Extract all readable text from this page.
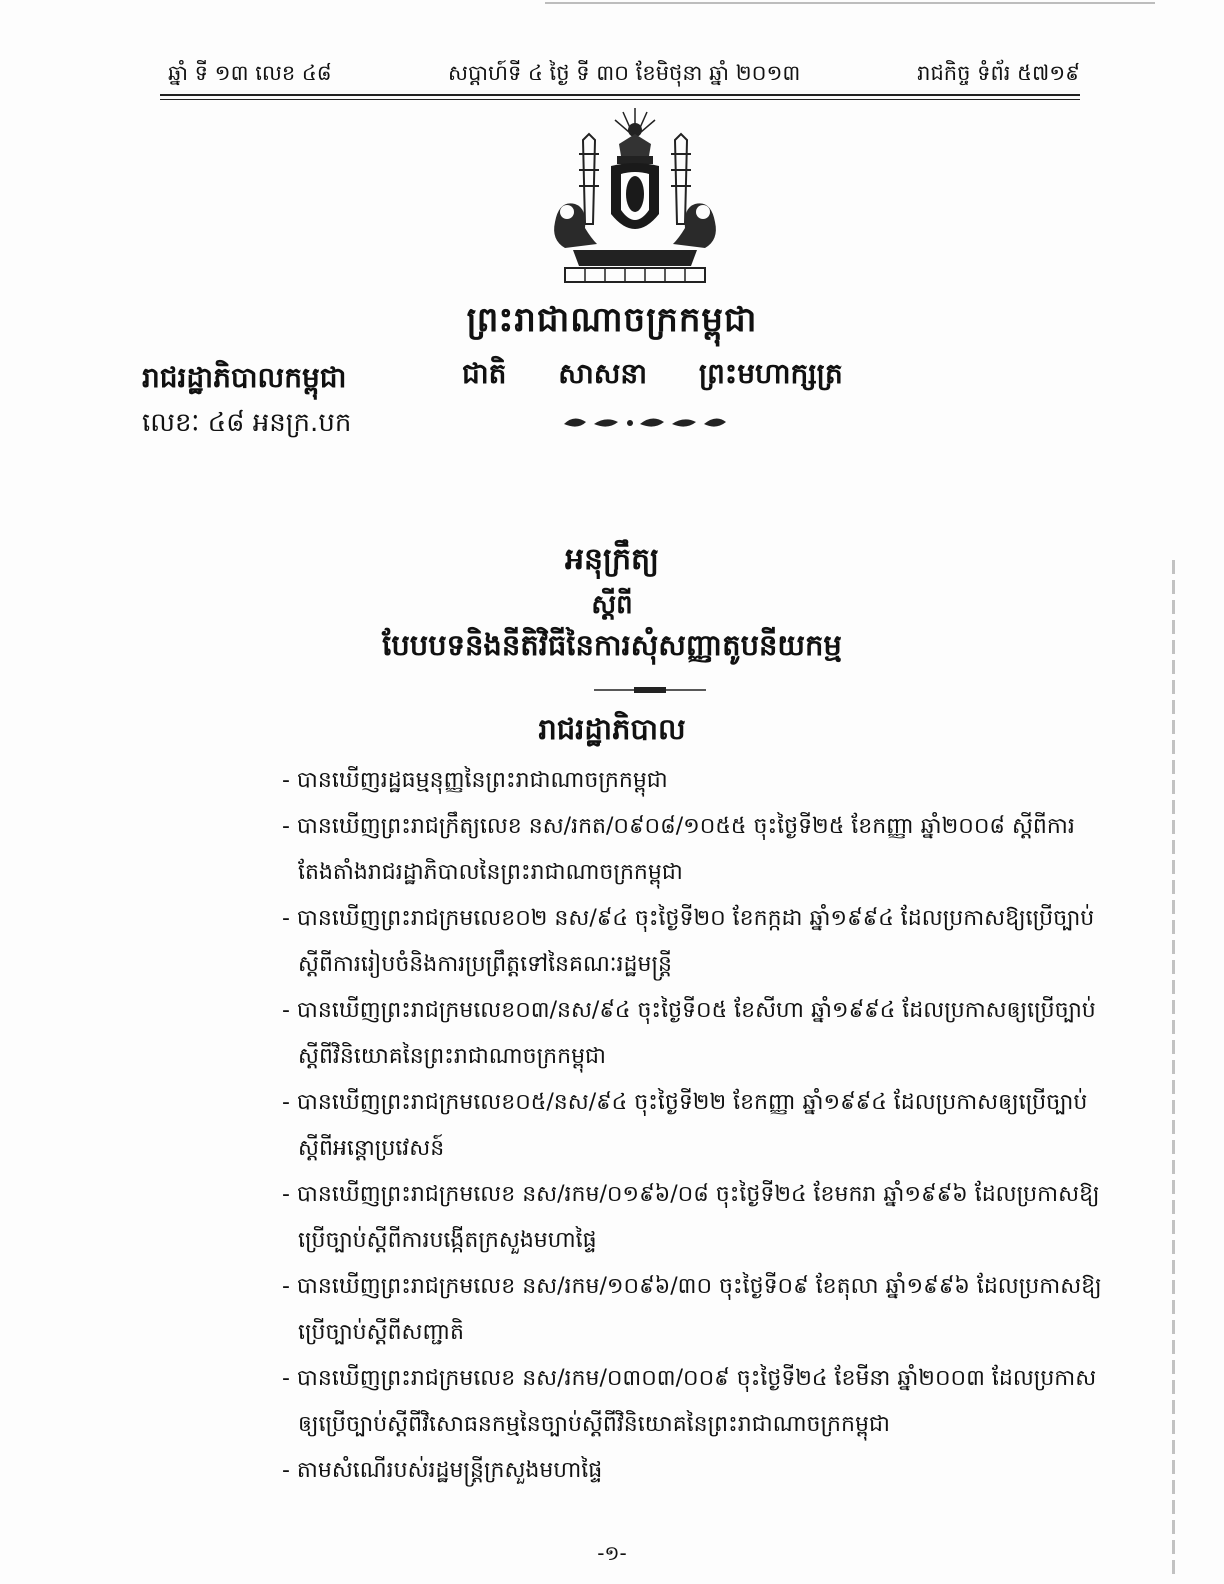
ឆ្នាំ ទី ១៣ លេខ ៤៨	សប្តាហ៍ទី ៤ ថ្ងៃ ទី ៣០ ខែមិថុនា ឆ្នាំ ២០១៣	រាជកិច្ច ទំព័រ ៥៧១៩
ព្រះរាជាណាចក្រកម្ពុជា
រាជរដ្ឋាភិបាលកម្ពុជា	ជាតិ សាសនា ព្រះមហាក្សត្រ
លេខៈ ៤៨ អនក្រ.បក
អនុក្រឹត្យ
ស្តីពី
បែបបទនិងនីតិវិធីនៃការសុំសញ្ញាតូបនីយកម្ម
រាជរដ្ឋាភិបាល

- បានឃើញរដ្ឋធម្មនុញ្ញនៃព្រះរាជាណាចក្រកម្ពុជា

- បានឃើញព្រះរាជក្រឹត្យលេខ នស/រកត/០៩០៨/១០៥៥ ចុះថ្ងៃទី២៥ ខែកញ្ញា ឆ្នាំ២០០៨ ស្តីពីការតែងតាំងរាជរដ្ឋាភិបាលនៃព្រះរាជាណាចក្រកម្ពុជា

- បានឃើញព្រះរាជក្រមលេខ០២ នស/៩៤ ចុះថ្ងៃទី២០ ខែកក្កដា ឆ្នាំ១៩៩៤ ដែលប្រកាសឱ្យប្រើច្បាប់ស្តីពីការរៀបចំនិងការប្រព្រឹត្តទៅនៃគណៈរដ្ឋមន្ត្រី

- បានឃើញព្រះរាជក្រមលេខ០៣/នស/៩៤ ចុះថ្ងៃទី០៥ ខែសីហា ឆ្នាំ១៩៩៤ ដែលប្រកាសឲ្យប្រើច្បាប់ស្តីពីវិនិយោគនៃព្រះរាជាណាចក្រកម្ពុជា

- បានឃើញព្រះរាជក្រមលេខ០៥/នស/៩៤ ចុះថ្ងៃទី២២ ខែកញ្ញា ឆ្នាំ១៩៩៤ ដែលប្រកាសឲ្យប្រើច្បាប់ស្តីពីអន្តោប្រវេសន៍

- បានឃើញព្រះរាជក្រមលេខ នស/រកម/០១៩៦/០៨ ចុះថ្ងៃទី២៤ ខែមករា ឆ្នាំ១៩៩៦ ដែលប្រកាសឱ្យប្រើច្បាប់ស្តីពីការបង្កើតក្រសួងមហាផ្ទៃ

- បានឃើញព្រះរាជក្រមលេខ នស/រកម/១០៩៦/៣០ ចុះថ្ងៃទី០៩ ខែតុលា ឆ្នាំ១៩៩៦ ដែលប្រកាសឱ្យប្រើច្បាប់ស្តីពីសញ្ជាតិ

- បានឃើញព្រះរាជក្រមលេខ នស/រកម/០៣០៣/០០៩ ចុះថ្ងៃទី២៤ ខែមីនា ឆ្នាំ២០០៣ ដែលប្រកាសឲ្យប្រើច្បាប់ស្តីពីវិសោធនកម្មនៃច្បាប់ស្តីពីវិនិយោគនៃព្រះរាជាណាចក្រកម្ពុជា

- តាមសំណើរបស់រដ្ឋមន្ត្រីក្រសួងមហាផ្ទៃ

-១-
